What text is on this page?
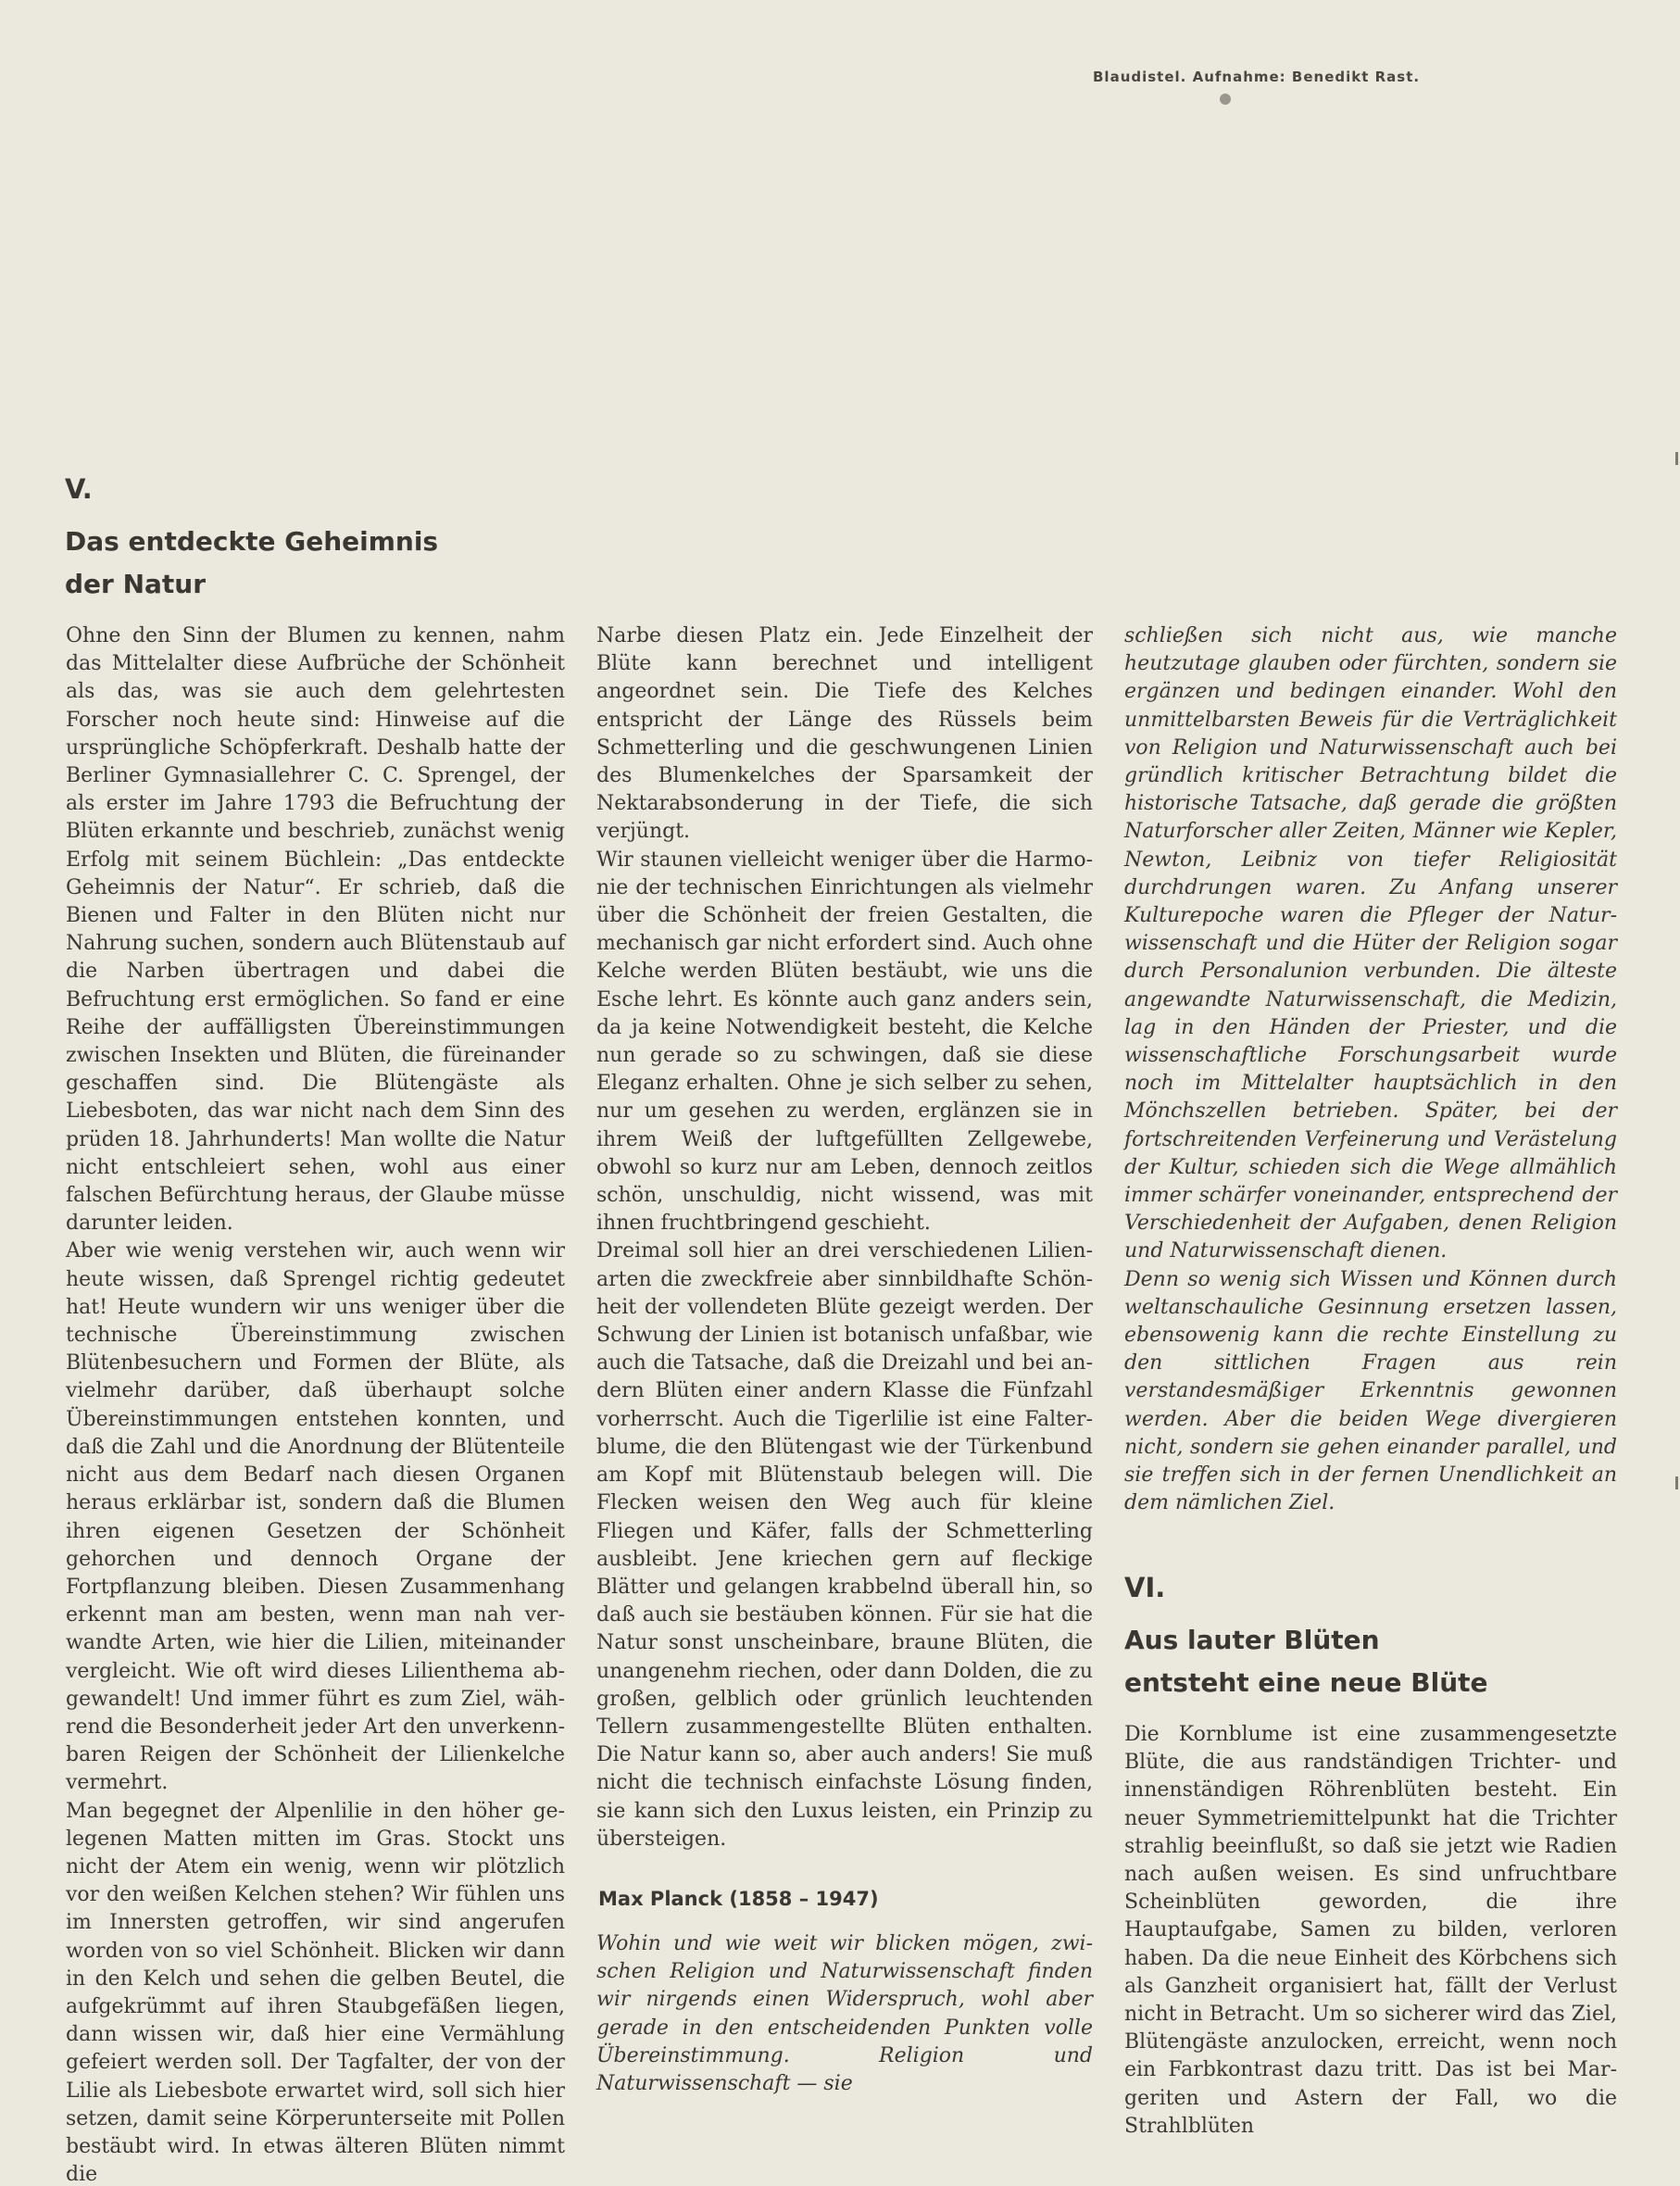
Blaudistel. Aufnahme: Benedikt Rast.
V.
Das entdeckte Geheimnis
der Natur

Ohne den Sinn der Blumen zu kennen, nahm das Mittelalter diese Aufbrüche der Schönheit als das, was sie auch dem gelehrtesten Forscher noch heute sind: Hinweise auf die ursprüngliche Schöpferkraft. Deshalb hatte der Berliner Gymnasiallehrer C. C. Sprengel, der als erster im Jahre 1793 die Befruchtung der Blüten erkannte und beschrieb, zunächst wenig Erfolg mit seinem Büchlein: „Das entdeckte Geheimnis der Natur“. Er schrieb, daß die Bienen und Falter in den Blüten nicht nur Nahrung suchen, sondern auch Blütenstaub auf die Narben übertragen und dabei die Befruchtung erst ermöglichen. So fand er eine Reihe der auffälligsten Übereinstimmungen zwischen Insekten und Blüten, die füreinander geschaffen sind. Die Blütengäste als Liebesboten, das war nicht nach dem Sinn des prüden 18. Jahrhunderts! Man wollte die Natur nicht entschleiert sehen, wohl aus einer falschen Befürchtung heraus, der Glaube müsse darunter leiden.

Aber wie wenig verstehen wir, auch wenn wir heute wissen, daß Sprengel richtig gedeutet hat! Heute wundern wir uns weniger über die technische Übereinstimmung zwischen Blütenbesuchern und Formen der Blüte, als vielmehr darüber, daß überhaupt solche Übereinstimmungen entstehen konnten, und daß die Zahl und die Anordnung der Blütenteile nicht aus dem Bedarf nach diesen Organen heraus erklärbar ist, sondern daß die Blumen ihren eigenen Gesetzen der Schönheit gehorchen und dennoch Organe der Fortpflanzung bleiben. Diesen Zusammenhang erkennt man am besten, wenn man nah verwandte Arten, wie hier die Lilien, miteinander vergleicht. Wie oft wird dieses Lilienthema abgewandelt! Und immer führt es zum Ziel, während die Besonderheit jeder Art den unverkennbaren Reigen der Schönheit der Lilienkelche vermehrt.

Man begegnet der Alpenlilie in den höher gelegenen Matten mitten im Gras. Stockt uns nicht der Atem ein wenig, wenn wir plötzlich vor den weißen Kelchen stehen? Wir fühlen uns im Innersten getroffen, wir sind angerufen worden von so viel Schönheit. Blicken wir dann in den Kelch und sehen die gelben Beutel, die aufgekrümmt auf ihren Staubgefäßen liegen, dann wissen wir, daß hier eine Vermählung gefeiert werden soll. Der Tagfalter, der von der Lilie als Liebesbote erwartet wird, soll sich hier setzen, damit seine Körperunterseite mit Pollen bestäubt wird. In etwas älteren Blüten nimmt die

Narbe diesen Platz ein. Jede Einzelheit der Blüte kann berechnet und intelligent angeordnet sein. Die Tiefe des Kelches entspricht der Länge des Rüssels beim Schmetterling und die geschwungenen Linien des Blumenkelches der Sparsamkeit der Nektarabsonderung in der Tiefe, die sich verjüngt.

Wir staunen vielleicht weniger über die Harmonie der technischen Einrichtungen als vielmehr über die Schönheit der freien Gestalten, die mechanisch gar nicht erfordert sind. Auch ohne Kelche werden Blüten bestäubt, wie uns die Esche lehrt. Es könnte auch ganz anders sein, da ja keine Notwendigkeit besteht, die Kelche nun gerade so zu schwingen, daß sie diese Eleganz erhalten. Ohne je sich selber zu sehen, nur um gesehen zu werden, erglänzen sie in ihrem Weiß der luftgefüllten Zellgewebe, obwohl so kurz nur am Leben, dennoch zeitlos schön, unschuldig, nicht wissend, was mit ihnen fruchtbringend geschieht.

Dreimal soll hier an drei verschiedenen Lilienarten die zweckfreie aber sinnbildhafte Schönheit der vollendeten Blüte gezeigt werden. Der Schwung der Linien ist botanisch unfaßbar, wie auch die Tatsache, daß die Dreizahl und bei andern Blüten einer andern Klasse die Fünfzahl vorherrscht. Auch die Tigerlilie ist eine Falterblume, die den Blütengast wie der Türkenbund am Kopf mit Blütenstaub belegen will. Die Flecken weisen den Weg auch für kleine Fliegen und Käfer, falls der Schmetterling ausbleibt. Jene kriechen gern auf fleckige Blätter und gelangen krabbelnd überall hin, so daß auch sie bestäuben können. Für sie hat die Natur sonst unscheinbare, braune Blüten, die unangenehm riechen, oder dann Dolden, die zu großen, gelblich oder grünlich leuchtenden Tellern zusammengestellte Blüten enthalten. Die Natur kann so, aber auch anders! Sie muß nicht die technisch einfachste Lösung finden, sie kann sich den Luxus leisten, ein Prinzip zu übersteigen.

Max Planck (1858 – 1947)

Wohin und wie weit wir blicken mögen, zwischen Religion und Naturwissenschaft finden wir nirgends einen Widerspruch, wohl aber gerade in den entscheidenden Punkten volle Übereinstimmung. Religion und Naturwissenschaft — sie

schließen sich nicht aus, wie manche heutzutage glauben oder fürchten, sondern sie ergänzen und bedingen einander. Wohl den unmittelbarsten Beweis für die Verträglichkeit von Religion und Naturwissenschaft auch bei gründlich kritischer Betrachtung bildet die historische Tatsache, daß gerade die größten Naturforscher aller Zeiten, Männer wie Kepler, Newton, Leibniz von tiefer Religiosität durchdrungen waren. Zu Anfang unserer Kulturepoche waren die Pfleger der Naturwissenschaft und die Hüter der Religion sogar durch Personalunion verbunden. Die älteste angewandte Naturwissenschaft, die Medizin, lag in den Händen der Priester, und die wissenschaftliche Forschungsarbeit wurde noch im Mittelalter hauptsächlich in den Mönchszellen betrieben. Später, bei der fortschreitenden Verfeinerung und Verästelung der Kultur, schieden sich die Wege allmählich immer schärfer voneinander, entsprechend der Verschiedenheit der Aufgaben, denen Religion und Naturwissenschaft dienen.

Denn so wenig sich Wissen und Können durch weltanschauliche Gesinnung ersetzen lassen, ebensowenig kann die rechte Einstellung zu den sittlichen Fragen aus rein verstandesmäßiger Erkenntnis gewonnen werden. Aber die beiden Wege divergieren nicht, sondern sie gehen einander parallel, und sie treffen sich in der fernen Unendlichkeit an dem nämlichen Ziel.

VI.
Aus lauter Blüten
entsteht eine neue Blüte

Die Kornblume ist eine zusammengesetzte Blüte, die aus randständigen Trichter- und innenständigen Röhrenblüten besteht. Ein neuer Symmetriemittelpunkt hat die Trichter strahlig beeinflußt, so daß sie jetzt wie Radien nach außen weisen. Es sind unfruchtbare Scheinblüten geworden, die ihre Hauptaufgabe, Samen zu bilden, verloren haben. Da die neue Einheit des Körbchens sich als Ganzheit organisiert hat, fällt der Verlust nicht in Betracht. Um so sicherer wird das Ziel, Blütengäste anzulocken, erreicht, wenn noch ein Farbkontrast dazu tritt. Das ist bei Margeriten und Astern der Fall, wo die Strahlblüten
